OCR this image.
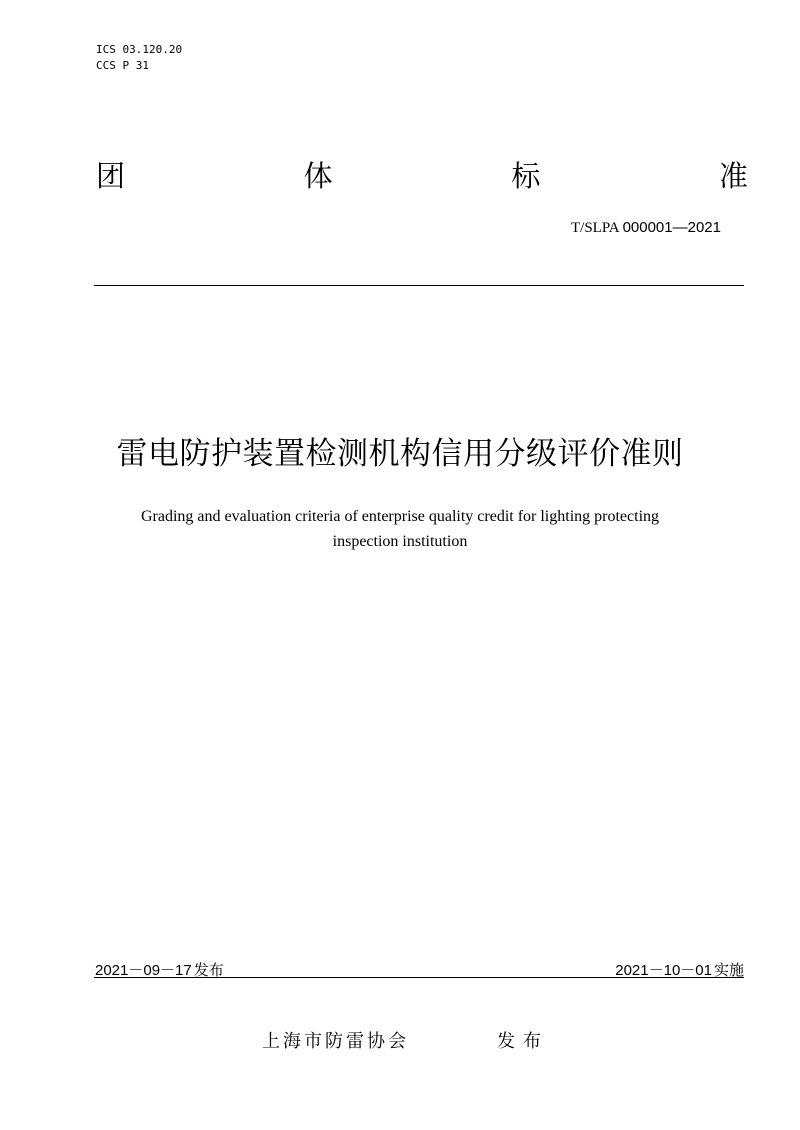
ICS 03.120.20
CCS P 31
团	体	标	准
T/SLPA 000001—2021
雷电防护装置检测机构信用分级评价准则
Grading and evaluation criteria of enterprise quality credit for lighting protecting
inspection institution
2021－09－17 发布	2021－10－01 实施
上海市防雷协会	发布
